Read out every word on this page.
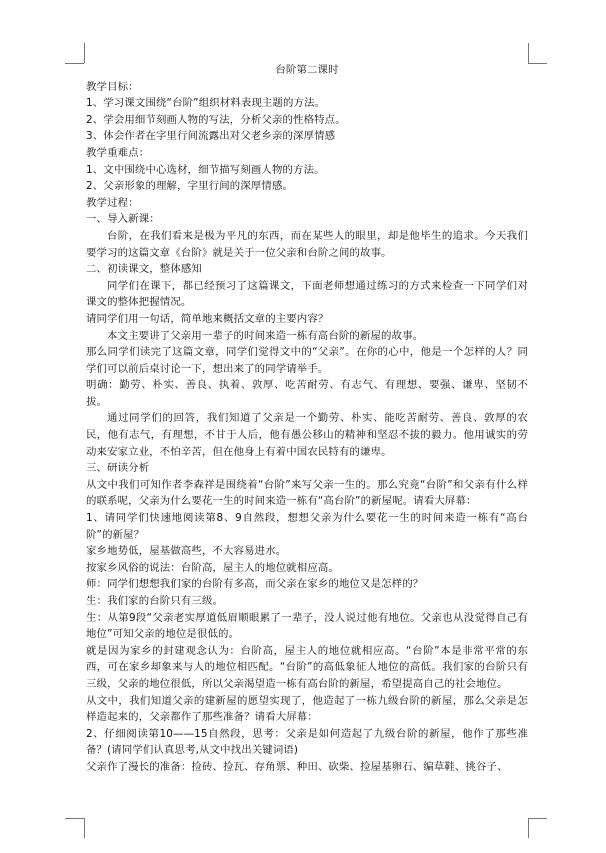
台阶第二课时

教学目标：

1、学习课文围绕“台阶”组织材料表现主题的方法。

2、学会用细节刻画人物的写法，分析父亲的性格特点。

3、体会作者在字里行间流露出对父老乡亲的深厚情感

教学重难点：

1、文中围绕中心选材，细节描写刻画人物的方法。

2、父亲形象的理解，字里行间的深厚情感。

教学过程：

一、导入新课：

台阶，在我们看来是极为平凡的东西，而在某些人的眼里，却是他毕生的追求。今天我们要学习的这篇文章《台阶》就是关于一位父亲和台阶之间的故事。

二、初读课文，整体感知

同学们在课下，都已经预习了这篇课文，下面老师想通过练习的方式来检查一下同学们对课文的整体把握情况。

请同学们用一句话，简单地来概括文章的主要内容？

本文主要讲了父亲用一辈子的时间来造一栋有高台阶的新屋的故事。

那么同学们读完了这篇文章，同学们觉得文中的“父亲”。在你的心中，他是一个怎样的人？同学们可以前后桌讨论一下，想出来了的同学请举手。

明确：勤劳、朴实、善良、执着、敦厚、吃苦耐劳、有志气、有理想、要强、谦卑、坚韧不拔。

通过同学们的回答，我们知道了父亲是一个勤劳、朴实、能吃苦耐劳、善良、敦厚的农民，他有志气，有理想，不甘于人后，他有愚公移山的精神和坚忍不拔的毅力。他用诚实的劳动来安家立业，不怕辛苦，但在他身上有着中国农民特有的谦卑。

三、研读分析

从文中我们可知作者李森祥是围绕着“台阶”来写父亲一生的。那么究竟“台阶”和父亲有什么样的联系呢，父亲为什么要花一生的时间来造一栋有“高台阶”的新屋呢。请看大屏幕：

1、请同学们快速地阅读第8、9自然段，想想父亲为什么要花一生的时间来造一栋有“高台阶”的新屋？

家乡地势低，屋基做高些，不大容易进水。

按家乡风俗的说法：台阶高，屋主人的地位就相应高。

师：同学们想想我们家的台阶有多高，而父亲在家乡的地位又是怎样的？

生：我们家的台阶只有三级。

生：从第9段“父亲老实厚道低眉顺眼累了一辈子，没人说过他有地位。父亲也从没觉得自己有地位”可知父亲的地位是很低的。

就是因为家乡的封建观念认为：台阶高，屋主人的地位就相应高。“台阶”本是非常平常的东西，可在家乡却象来与人的地位相匹配。“台阶”的高低象征人地位的高低。我们家的台阶只有三级，父亲的地位很低，所以父亲渴望造一栋有高台阶的新屋，希望提高自己的社会地位。

从文中，我们知道父亲的建新屋的愿望实现了，他造起了一栋九级台阶的新屋，那么父亲是怎样造起来的，父亲都作了那些准备？请看大屏幕：

2、仔细阅读第10——15自然段，思考：父亲是如何造起了九级台阶的新屋，他作了那些准备？(请同学们认真思考,从文中找出关键词语)

父亲作了漫长的准备：捡砖、捡瓦、存角票、种田、砍柴、捡屋基卵石、编草鞋、挑谷子、
